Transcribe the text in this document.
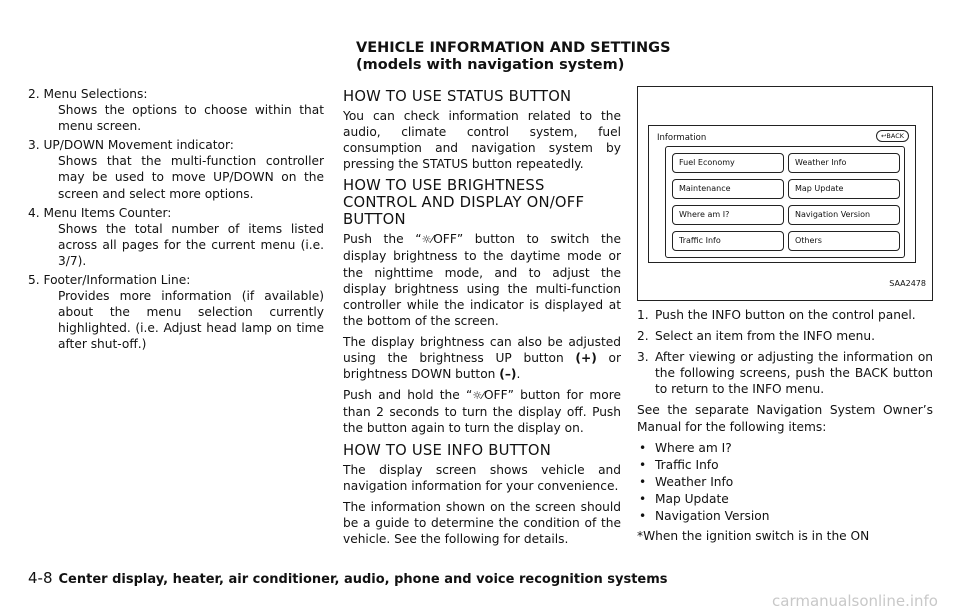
VEHICLE INFORMATION AND SETTINGS
(models with navigation system)
2. Menu Selections:
Shows the options to choose within that menu screen.
3. UP/DOWN Movement indicator:
Shows that the multi-function controller may be used to move UP/DOWN on the screen and select more options.
4. Menu Items Counter:
Shows the total number of items listed across all pages for the current menu (i.e. 3/7).
5. Footer/Information Line:
Provides more information (if available) about the menu selection currently highlighted. (i.e. Adjust head lamp on time after shut-off.)
HOW TO USE STATUS BUTTON

You can check information related to the audio, climate control system, fuel consumption and navigation system by pressing the STATUS button repeatedly.

HOW TO USE BRIGHTNESS CONTROL AND DISPLAY ON/OFF BUTTON

Push the “☼⁄OFF” button to switch the display brightness to the daytime mode or the nighttime mode, and to adjust the display brightness using the multi-function controller while the indicator is displayed at the bottom of the screen.

The display brightness can also be adjusted using the brightness UP button (+) or brightness DOWN button (–).

Push and hold the “☼⁄OFF” button for more than 2 seconds to turn the display off. Push the button again to turn the display on.

HOW TO USE INFO BUTTON

The display screen shows vehicle and navigation information for your convenience.

The information shown on the screen should be a guide to determine the condition of the vehicle. See the following for details.

Information	↩BACK
Fuel Economy	Weather Info
Maintenance	Map Update
Where am I?	Navigation Version
Traffic Info	Others
SAA2478
1. Push the INFO button on the control panel.
2. Select an item from the INFO menu.
3. After viewing or adjusting the information on the following screens, push the BACK button to return to the INFO menu.

See the separate Navigation System Owner’s Manual for the following items:

• Where am I?
• Traffic Info
• Weather Info
• Map Update
• Navigation Version

*When the ignition switch is in the ON

4-8 Center display, heater, air conditioner, audio, phone and voice recognition systems
carmanualsonline.info
